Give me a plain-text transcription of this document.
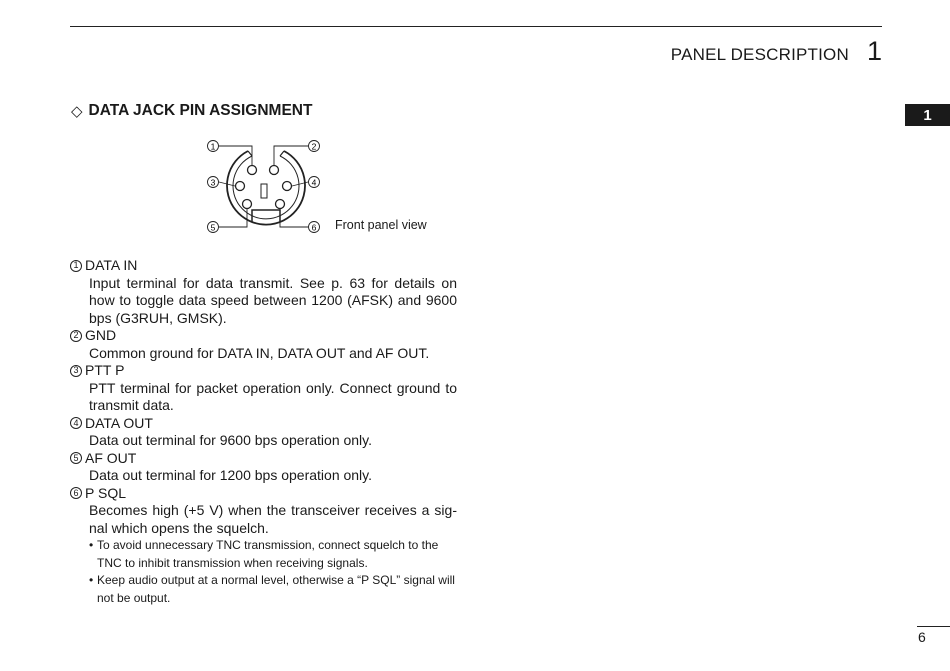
PANEL DESCRIPTION 1
1
◇ DATA JACK PIN ASSIGNMENT
1	2
3	4
5	6 Front panel view
1 DATA IN
Input terminal for data transmit. See p. 63 for details on how to toggle data speed between 1200 (AFSK) and 9600 bps (G3RUH, GMSK).
2 GND
Common ground for DATA IN, DATA OUT and AF OUT.
3 PTT P
PTT terminal for packet operation only. Connect ground to transmit data.
4 DATA OUT
Data out terminal for 9600 bps operation only.
5 AF OUT
Data out terminal for 1200 bps operation only.
6 P SQL
Becomes high (+5 V) when the transceiver receives a sig-nal which opens the squelch.
• To avoid unnecessary TNC transmission, connect squelch to the TNC to inhibit transmission when receiving signals.
• Keep audio output at a normal level, otherwise a “P SQL” signal will not be output.
6
